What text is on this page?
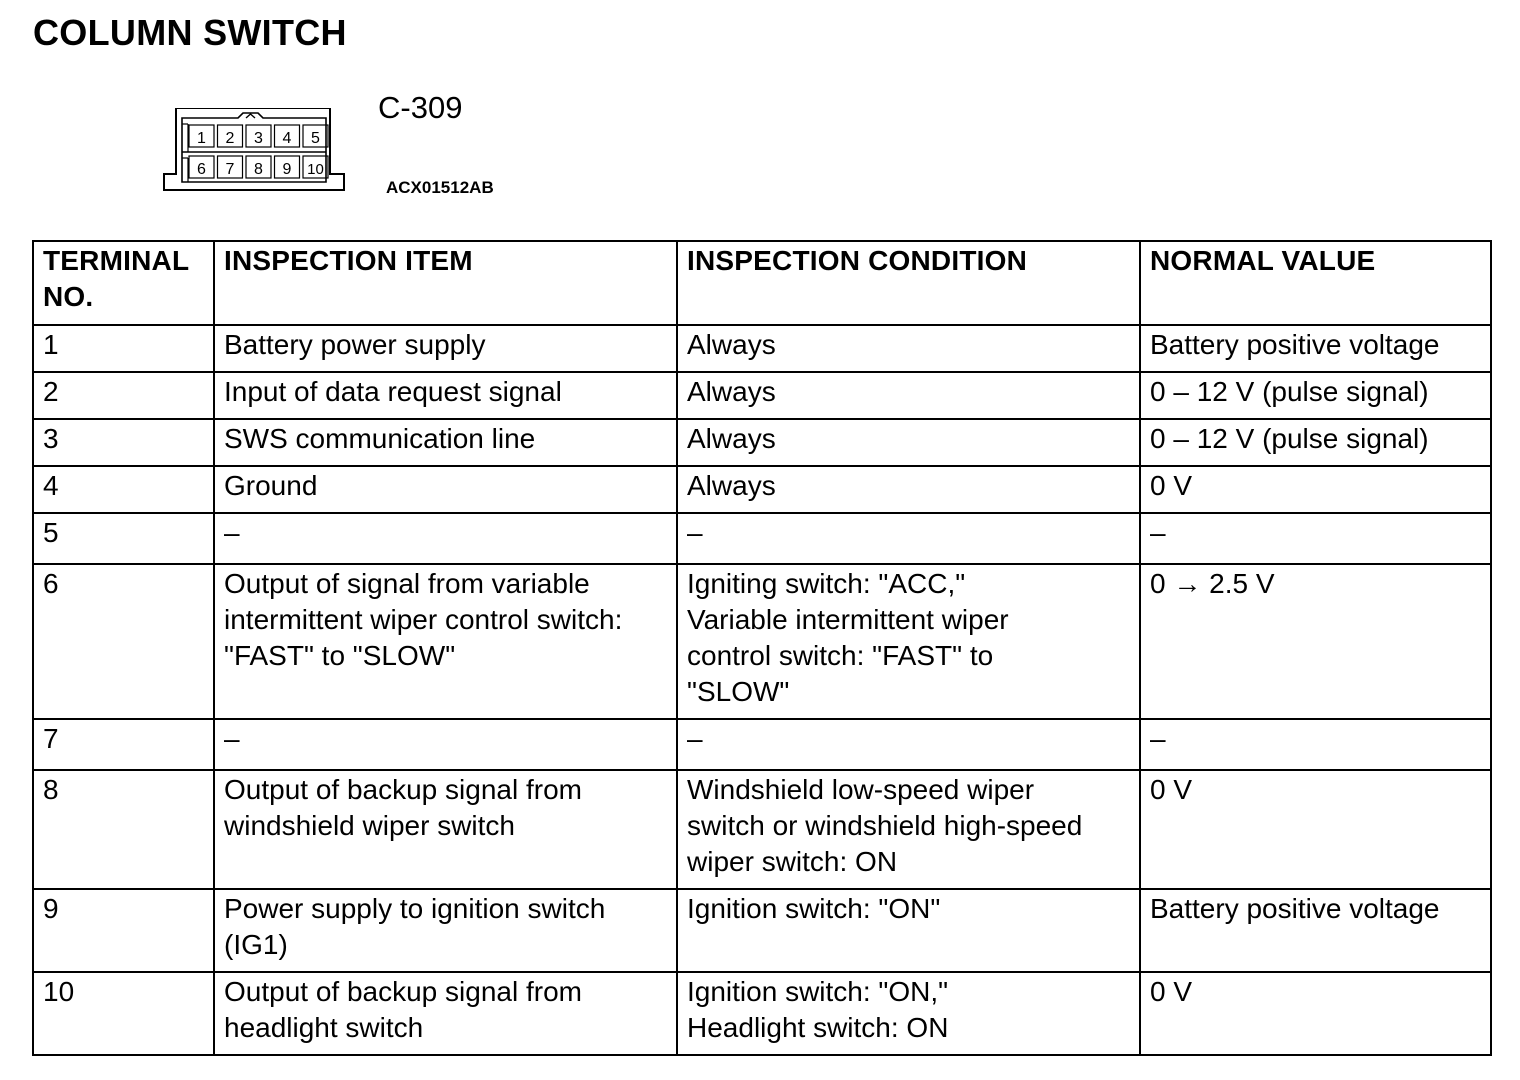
COLUMN SWITCH
1 2 3 4 5
6 7 8 9 10
C-309
ACX01512AB
TERMINAL
NO.	INSPECTION ITEM	INSPECTION CONDITION	NORMAL VALUE
1	Battery power supply	Always	Battery positive voltage
2	Input of data request signal	Always	0 – 12 V (pulse signal)
3	SWS communication line	Always	0 – 12 V (pulse signal)
4	Ground	Always	0 V
5	–	–	–
6	Output of signal from variable
intermittent wiper control switch:
"FAST" to "SLOW"	Igniting switch: "ACC,"
Variable intermittent wiper
control switch: "FAST" to
"SLOW"	0 → 2.5 V
7	–	–	–
8	Output of backup signal from
windshield wiper switch	Windshield low-speed wiper
switch or windshield high-speed
wiper switch: ON	0 V
9	Power supply to ignition switch
(IG1)	Ignition switch: "ON"	Battery positive voltage
10	Output of backup signal from
headlight switch	Ignition switch: "ON,"
Headlight switch: ON	0 V
